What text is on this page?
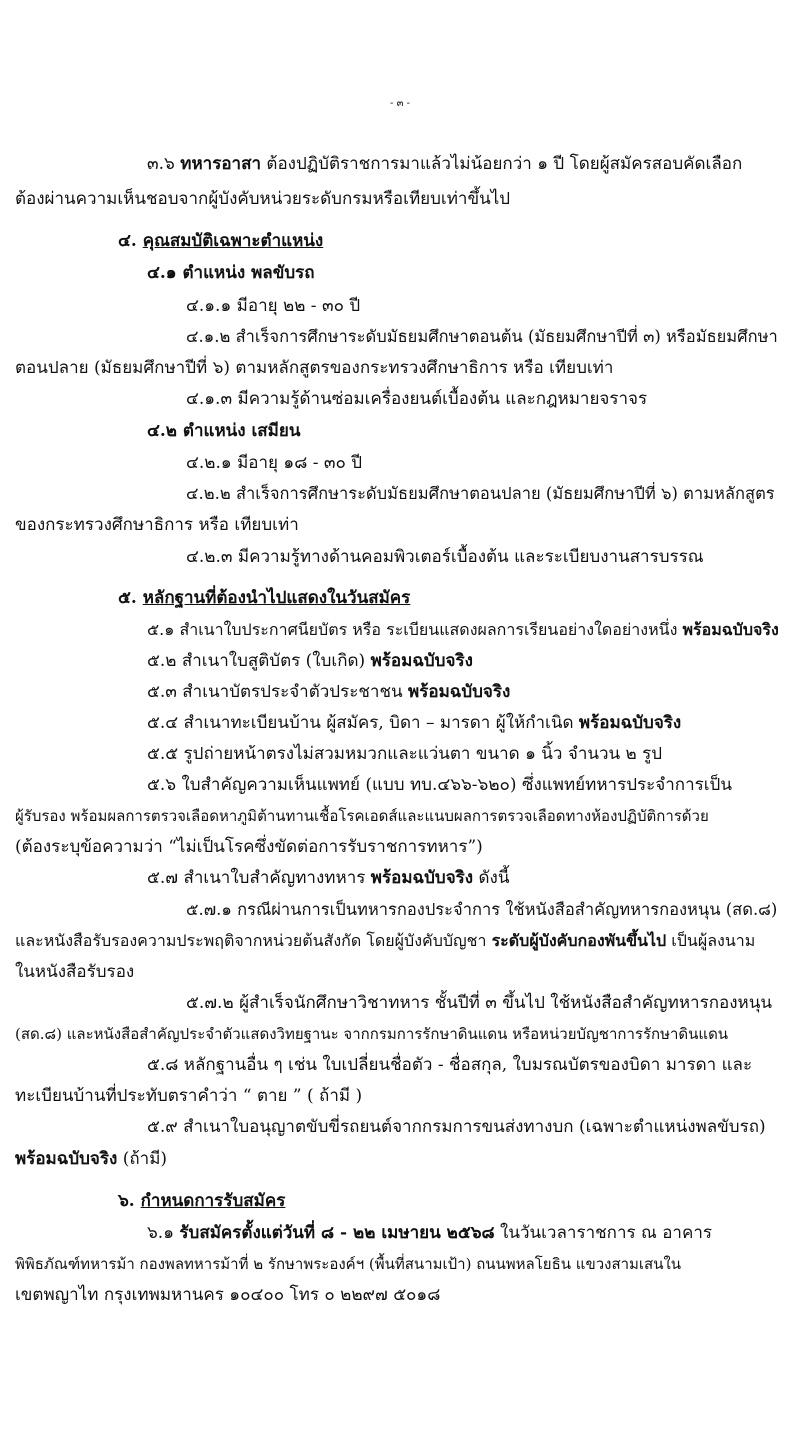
- ๓ -
๓.๖ ทหารอาสา ต้องปฏิบัติราชการมาแล้วไม่น้อยกว่า ๑ ปี โดยผู้สมัครสอบคัดเลือก
ต้องผ่านความเห็นชอบจากผู้บังคับหน่วยระดับกรมหรือเทียบเท่าขึ้นไป
๔. คุณสมบัติเฉพาะตำแหน่ง
๔.๑ ตำแหน่ง พลขับรถ
๔.๑.๑ มีอายุ ๒๒ - ๓๐ ปี
๔.๑.๒ สำเร็จการศึกษาระดับมัธยมศึกษาตอนต้น (มัธยมศึกษาปีที่ ๓) หรือมัธยมศึกษา
ตอนปลาย (มัธยมศึกษาปีที่ ๖) ตามหลักสูตรของกระทรวงศึกษาธิการ หรือ เทียบเท่า
๔.๑.๓ มีความรู้ด้านซ่อมเครื่องยนต์เบื้องต้น และกฎหมายจราจร
๔.๒ ตำแหน่ง เสมียน
๔.๒.๑ มีอายุ ๑๘ - ๓๐ ปี
๔.๒.๒ สำเร็จการศึกษาระดับมัธยมศึกษาตอนปลาย (มัธยมศึกษาปีที่ ๖) ตามหลักสูตร
ของกระทรวงศึกษาธิการ หรือ เทียบเท่า
๔.๒.๓ มีความรู้ทางด้านคอมพิวเตอร์เบื้องต้น และระเบียบงานสารบรรณ
๕. หลักฐานที่ต้องนำไปแสดงในวันสมัคร
๕.๑ สำเนาใบประกาศนียบัตร หรือ ระเบียนแสดงผลการเรียนอย่างใดอย่างหนึ่ง พร้อมฉบับจริง
๕.๒ สำเนาใบสูติบัตร (ใบเกิด) พร้อมฉบับจริง
๕.๓ สำเนาบัตรประจำตัวประชาชน พร้อมฉบับจริง
๕.๔ สำเนาทะเบียนบ้าน ผู้สมัคร, บิดา – มารดา ผู้ให้กำเนิด พร้อมฉบับจริง
๕.๕ รูปถ่ายหน้าตรงไม่สวมหมวกและแว่นตา ขนาด ๑ นิ้ว จำนวน ๒ รูป
๕.๖ ใบสำคัญความเห็นแพทย์ (แบบ ทบ.๔๖๖-๖๒๐) ซึ่งแพทย์ทหารประจำการเป็น
ผู้รับรอง พร้อมผลการตรวจเลือดหาภูมิต้านทานเชื้อโรคเอดส์และแนบผลการตรวจเลือดทางห้องปฏิบัติการด้วย
(ต้องระบุข้อความว่า “ไม่เป็นโรคซึ่งขัดต่อการรับราชการทหาร”)
๕.๗ สำเนาใบสำคัญทางทหาร พร้อมฉบับจริง ดังนี้
๕.๗.๑ กรณีผ่านการเป็นทหารกองประจำการ ใช้หนังสือสำคัญทหารกองหนุน (สด.๘)
และหนังสือรับรองความประพฤติจากหน่วยต้นสังกัด โดยผู้บังคับบัญชา ระดับผู้บังคับกองพันขึ้นไป เป็นผู้ลงนาม
ในหนังสือรับรอง
๕.๗.๒ ผู้สำเร็จนักศึกษาวิชาทหาร ชั้นปีที่ ๓ ขึ้นไป ใช้หนังสือสำคัญทหารกองหนุน
(สด.๘) และหนังสือสำคัญประจำตัวแสดงวิทยฐานะ จากกรมการรักษาดินแดน หรือหน่วยบัญชาการรักษาดินแดน
๕.๘ หลักฐานอื่น ๆ เช่น ใบเปลี่ยนชื่อตัว - ชื่อสกุล, ใบมรณบัตรของบิดา มารดา และ
ทะเบียนบ้านที่ประทับตราคำว่า “ ตาย ” ( ถ้ามี )
๕.๙ สำเนาใบอนุญาตขับขี่รถยนต์จากกรมการขนส่งทางบก (เฉพาะตำแหน่งพลขับรถ)
พร้อมฉบับจริง (ถ้ามี)
๖. กำหนดการรับสมัคร
๖.๑ รับสมัครตั้งแต่วันที่ ๘ - ๒๒ เมษายน ๒๕๖๘ ในวันเวลาราชการ ณ อาคาร
พิพิธภัณฑ์ทหารม้า กองพลทหารม้าที่ ๒ รักษาพระองค์ฯ (พื้นที่สนามเป้า) ถนนพหลโยธิน แขวงสามเสนใน
เขตพญาไท กรุงเทพมหานคร ๑๐๔๐๐ โทร ๐ ๒๒๙๗ ๕๐๑๘
